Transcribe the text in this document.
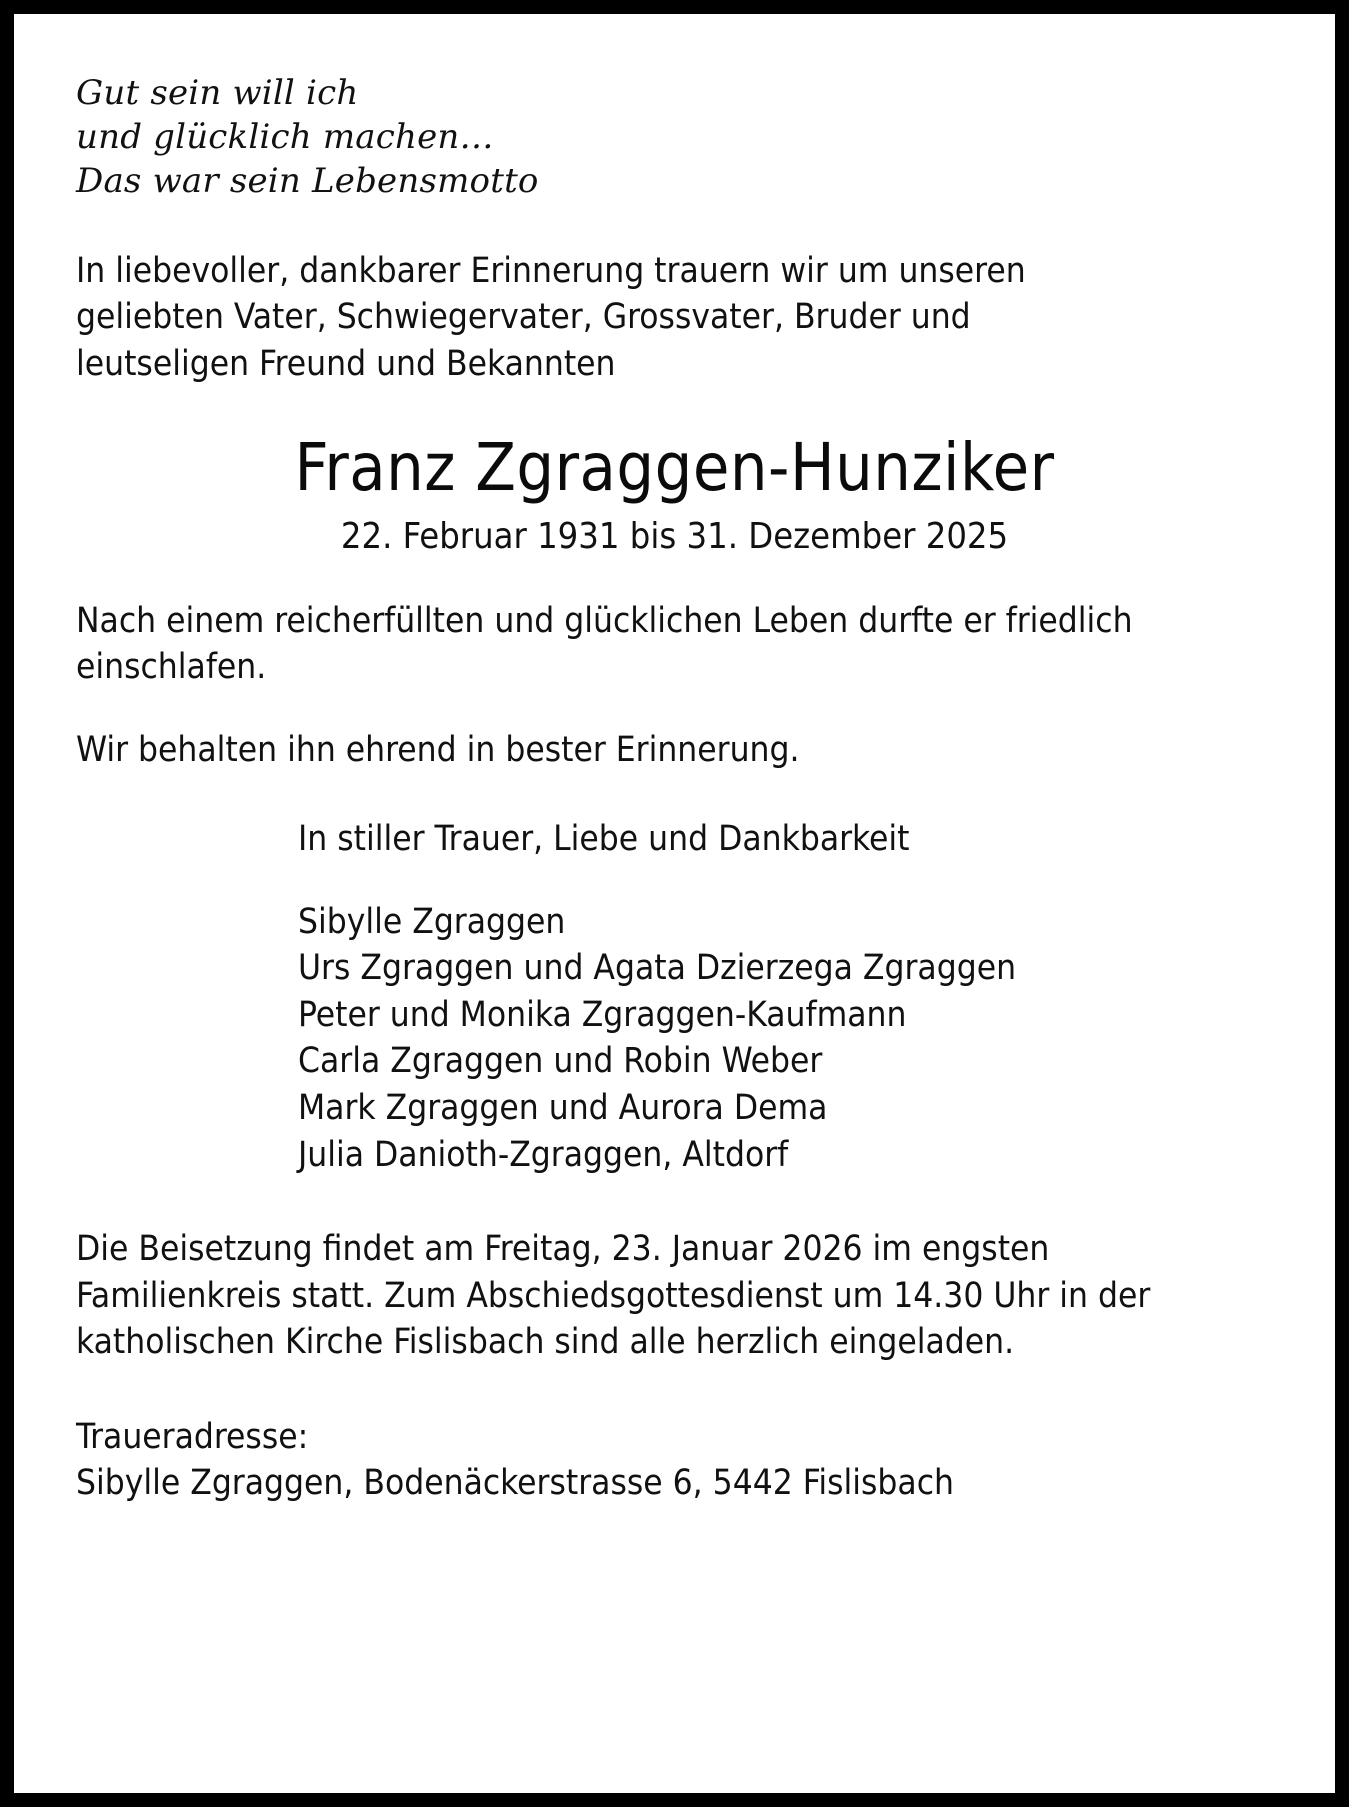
Gut sein will ich
und glücklich machen…
Das war sein Lebensmotto

In liebevoller, dankbarer Erinnerung trauern wir um unseren geliebten Vater, Schwiegervater, Grossvater, Bruder und leutseligen Freund und Bekannten

Franz Zgraggen-Hunziker
22. Februar 1931 bis 31. Dezember 2025

Nach einem reicherfüllten und glücklichen Leben durfte er friedlich einschlafen.

Wir behalten ihn ehrend in bester Erinnerung.

In stiller Trauer, Liebe und Dankbarkeit
Sibylle Zgraggen
Urs Zgraggen und Agata Dzierzega Zgraggen
Peter und Monika Zgraggen-Kaufmann
Carla Zgraggen und Robin Weber
Mark Zgraggen und Aurora Dema
Julia Danioth-Zgraggen, Altdorf

Die Beisetzung findet am Freitag, 23. Januar 2026 im engsten Familienkreis statt. Zum Abschiedsgottesdienst um 14.30 Uhr in der katholischen Kirche Fislisbach sind alle herzlich eingeladen.

Traueradresse:
Sibylle Zgraggen, Bodenäckerstrasse 6, 5442 Fislisbach
